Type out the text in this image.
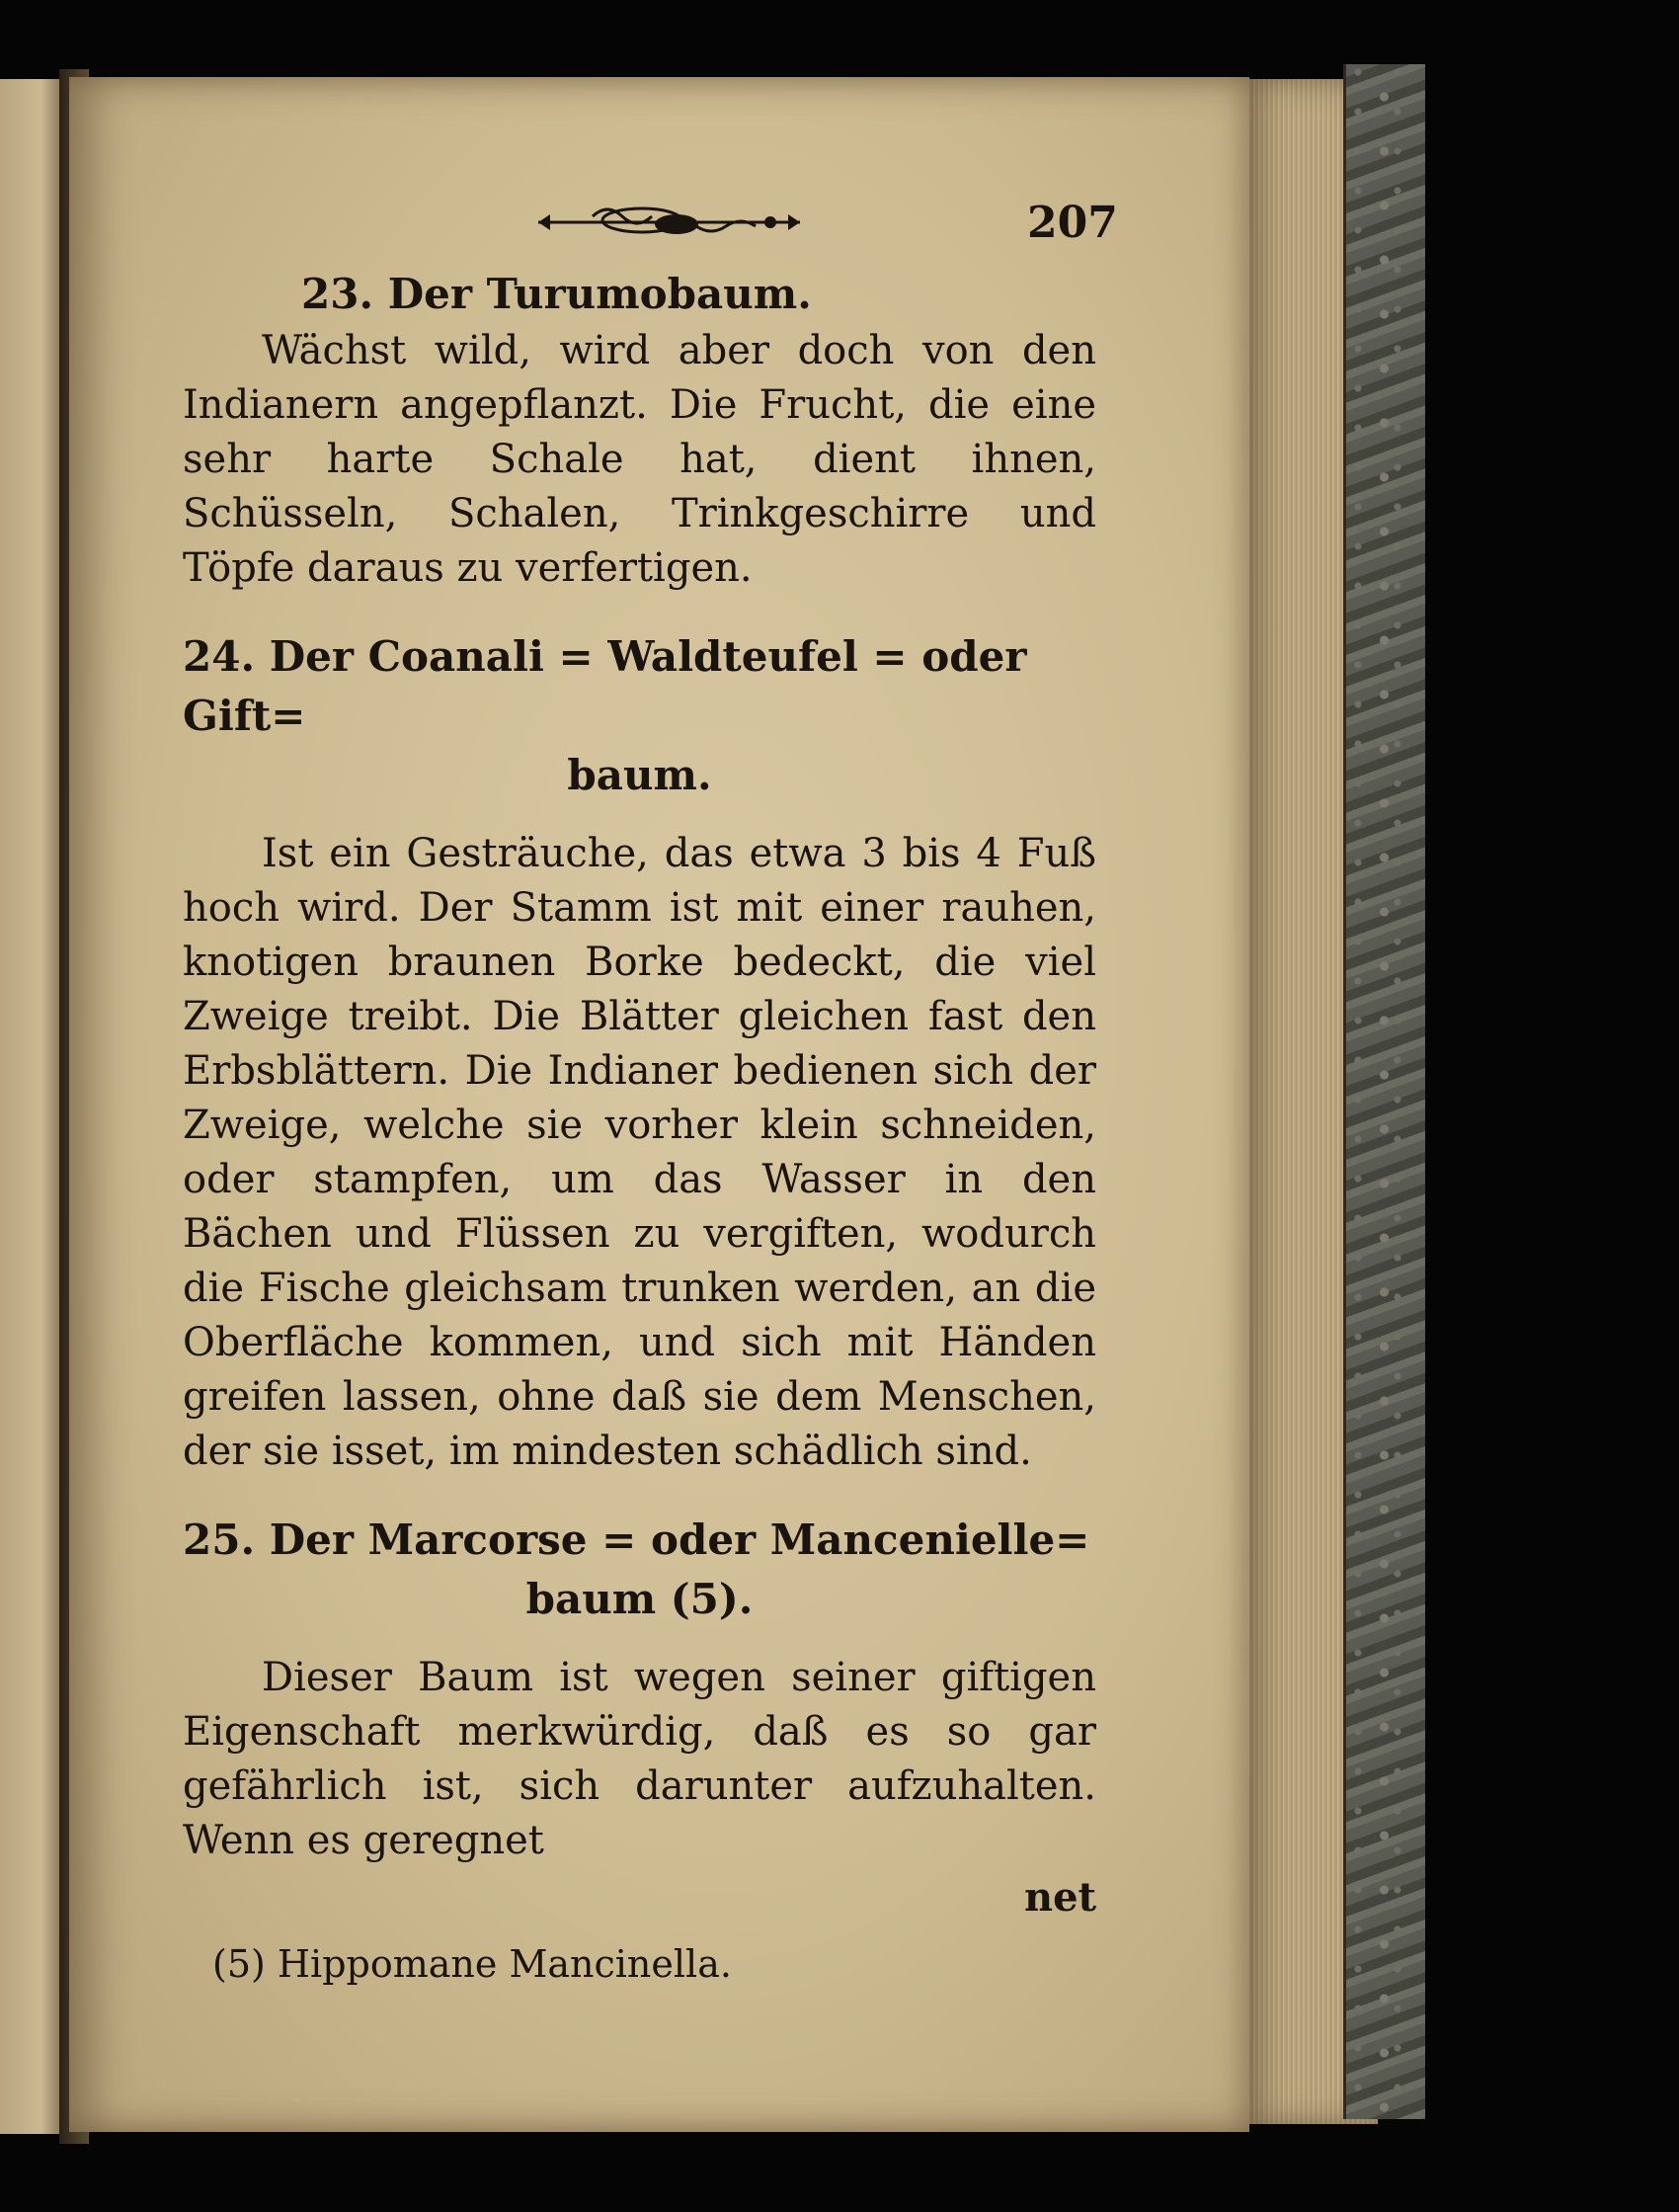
207

23. Der Turumobaum.

Wächst wild, wird aber doch von den Indianern angepflanzt. Die Frucht, die eine sehr harte Schale hat, dient ihnen, Schüsseln, Schalen, Trinkgeschirre und Töpfe daraus zu verfertigen.

24. Der Coanali = Waldteufel = oder Gift=

baum.

Ist ein Gesträuche, das etwa 3 bis 4 Fuß hoch wird. Der Stamm ist mit einer rauhen, knotigen braunen Borke bedeckt, die viel Zweige treibt. Die Blätter gleichen fast den Erbsblättern. Die Indianer bedienen sich der Zweige, welche sie vorher klein schneiden, oder stampfen, um das Wasser in den Bächen und Flüssen zu vergiften, wodurch die Fische gleichsam trunken werden, an die Oberfläche kommen, und sich mit Händen greifen lassen, ohne daß sie dem Menschen, der sie isset, im mindesten schädlich sind.

25. Der Marcorse = oder Mancenielle=

baum (5).

Dieser Baum ist wegen seiner giftigen Eigenschaft merkwürdig, daß es so gar gefährlich ist, sich darunter aufzuhalten. Wenn es geregnet

net

(5) Hippomane Mancinella.
